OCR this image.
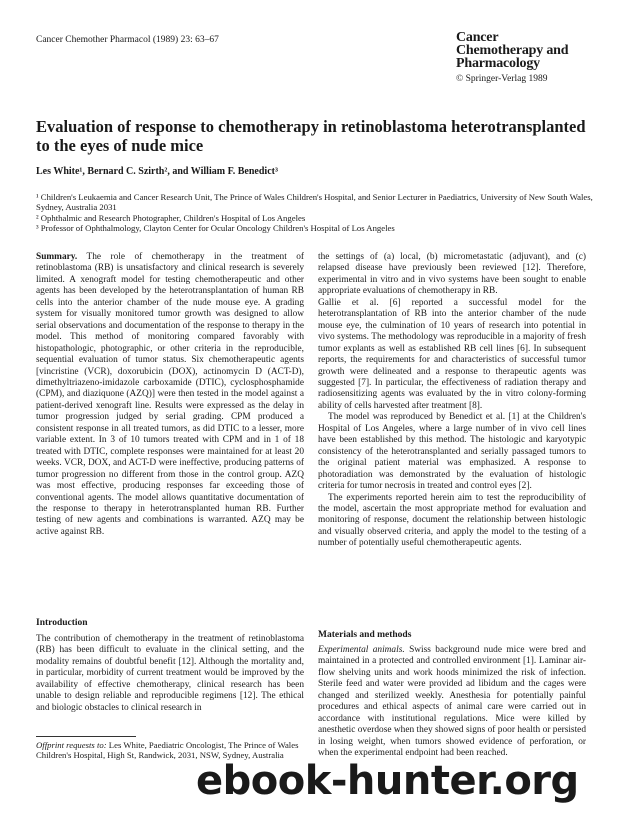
Cancer Chemother Pharmacol (1989) 23: 63–67	Cancer
Chemotherapy and
Pharmacology
© Springer-Verlag 1989
Evaluation of response to chemotherapy in retinoblastoma heterotransplanted to the eyes of nude mice
Les White¹, Bernard C. Szirth², and William F. Benedict³

¹ Children's Leukaemia and Cancer Research Unit, The Prince of Wales Children's Hospital, and Senior Lecturer in Paediatrics, University of New South Wales, Sydney, Australia 2031

² Ophthalmic and Research Photographer, Children's Hospital of Los Angeles

³ Professor of Ophthalmology, Clayton Center for Ocular Oncology Children's Hospital of Los Angeles

Summary. The role of chemotherapy in the treatment of retinoblastoma (RB) is unsatisfactory and clinical research is severely limited. A xenograft model for testing chemotherapeutic and other agents has been developed by the heterotransplantation of human RB cells into the anterior chamber of the nude mouse eye. A grading system for visually monitored tumor growth was designed to allow serial observations and documentation of the response to therapy in the model. This method of monitoring compared favorably with histopathologic, photographic, or other criteria in the reproducible, sequential evaluation of tumor status. Six chemotherapeutic agents [vincristine (VCR), doxorubicin (DOX), actinomycin D (ACT-D), dimethyltriazeno-imidazole carboxamide (DTIC), cyclosphosphamide (CPM), and diaziquone (AZQ)] were then tested in the model against a patient-derived xenograft line. Results were expressed as the delay in tumor progression judged by serial grading. CPM produced a consistent response in all treated tumors, as did DTIC to a lesser, more variable extent. In 3 of 10 tumors treated with CPM and in 1 of 18 treated with DTIC, complete responses were maintained for at least 20 weeks. VCR, DOX, and ACT-D were ineffective, producing patterns of tumor progression no different from those in the control group. AZQ was most effective, producing responses far exceeding those of conventional agents. The model allows quantitative documentation of the response to therapy in heterotransplanted human RB. Further testing of new agents and combinations is warranted. AZQ may be active against RB.

Introduction

The contribution of chemotherapy in the treatment of retinoblastoma (RB) has been difficult to evaluate in the clinical setting, and the modality remains of doubtful benefit [12]. Although the mortality and, in particular, morbidity of current treatment would be improved by the availability of effective chemotherapy, clinical research has been unable to design reliable and reproducible regimens [12]. The ethical and biologic obstacles to clinical research in

the settings of (a) local, (b) micrometastatic (adjuvant), and (c) relapsed disease have previously been reviewed [12]. Therefore, experimental in vitro and in vivo systems have been sought to enable appropriate evaluations of chemotherapy in RB.

Gallie et al. [6] reported a successful model for the heterotransplantation of RB into the anterior chamber of the nude mouse eye, the culmination of 10 years of research into potential in vivo systems. The methodology was reproducible in a majority of fresh tumor explants as well as established RB cell lines [6]. In subsequent reports, the requirements for and characteristics of successful tumor growth were delineated and a response to therapeutic agents was suggested [7]. In particular, the effectiveness of radiation therapy and radiosensitizing agents was evaluated by the in vitro colony-forming ability of cells harvested after treatment [8].

The model was reproduced by Benedict et al. [1] at the Children's Hospital of Los Angeles, where a large number of in vivo cell lines have been established by this method. The histologic and karyotypic consistency of the heterotransplanted and serially passaged tumors to the original patient material was emphasized. A response to photoradiation was demonstrated by the evaluation of histologic criteria for tumor necrosis in treated and control eyes [2].

The experiments reported herein aim to test the reproducibility of the model, ascertain the most appropriate method for evaluation and monitoring of response, document the relationship between histologic and visually observed criteria, and apply the model to the testing of a number of potentially useful chemotherapeutic agents.

Materials and methods

Experimental animals. Swiss background nude mice were bred and maintained in a protected and controlled environment [1]. Laminar air-flow shelving units and work hoods minimized the risk of infection. Sterile feed and water were provided ad libidum and the cages were changed and sterilized weekly. Anesthesia for potentially painful procedures and ethical aspects of animal care were carried out in accordance with institutional regulations. Mice were killed by anesthetic overdose when they showed signs of poor health or persisted in losing weight, when tumors showed evidence of perforation, or when the experimental endpoint had been reached.

Offprint requests to: Les White, Paediatric Oncologist, The Prince of Wales Children's Hospital, High St, Randwick, 2031, NSW, Sydney, Australia
ebook-hunter.org
